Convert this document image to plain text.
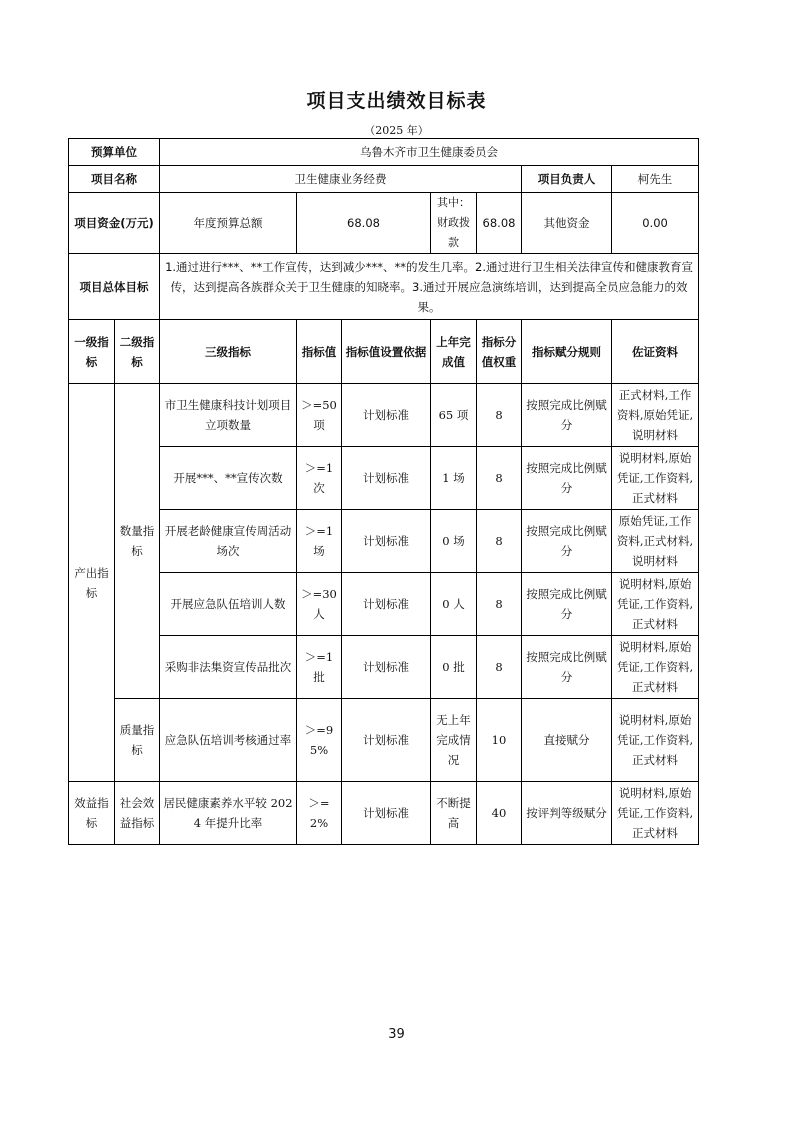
项目支出绩效目标表
（2025 年）
预算单位		乌鲁木齐市卫生健康委员会						
项目名称		卫生健康业务经费					项目负责人	柯先生
项目资金(万元)		年度预算总额	68.08		其中：财政拨款	68.08	其他资金	0.00
项目总体目标		1.通过进行***、**工作宣传，达到减少***、**的发生几率。2.通过进行卫生相关法律宣传和健康教育宣传，达到提高各族群众关于卫生健康的知晓率。3.通过开展应急演练培训，达到提高全员应急能力的效果。						
一级指标	二级指标	三级指标	指标值	指标值设置依据	上年完成值	指标分值权重	指标赋分规则	佐证资料
产出指标	数量指标	市卫生健康科技计划项目立项数量	＞=50项	计划标准	65 项	8	按照完成比例赋分	正式材料,工作资料,原始凭证,说明材料
		开展***、**宣传次数	＞=1次	计划标准	1 场	8	按照完成比例赋分	说明材料,原始凭证,工作资料,正式材料
		开展老龄健康宣传周活动场次	＞=1场	计划标准	0 场	8	按照完成比例赋分	原始凭证,工作资料,正式材料,说明材料
		开展应急队伍培训人数	＞=30人	计划标准	0 人	8	按照完成比例赋分	说明材料,原始凭证,工作资料,正式材料
		采购非法集资宣传品批次	＞=1批	计划标准	0 批	8	按照完成比例赋分	说明材料,原始凭证,工作资料,正式材料
	质量指标	应急队伍培训考核通过率	＞=95%	计划标准	无上年完成情况	10	直接赋分	说明材料,原始凭证,工作资料,正式材料
效益指标	社会效益指标	居民健康素养水平较 2024 年提升比率	＞=2%	计划标准	不断提高	40	按评判等级赋分	说明材料,原始凭证,工作资料,正式材料
39
